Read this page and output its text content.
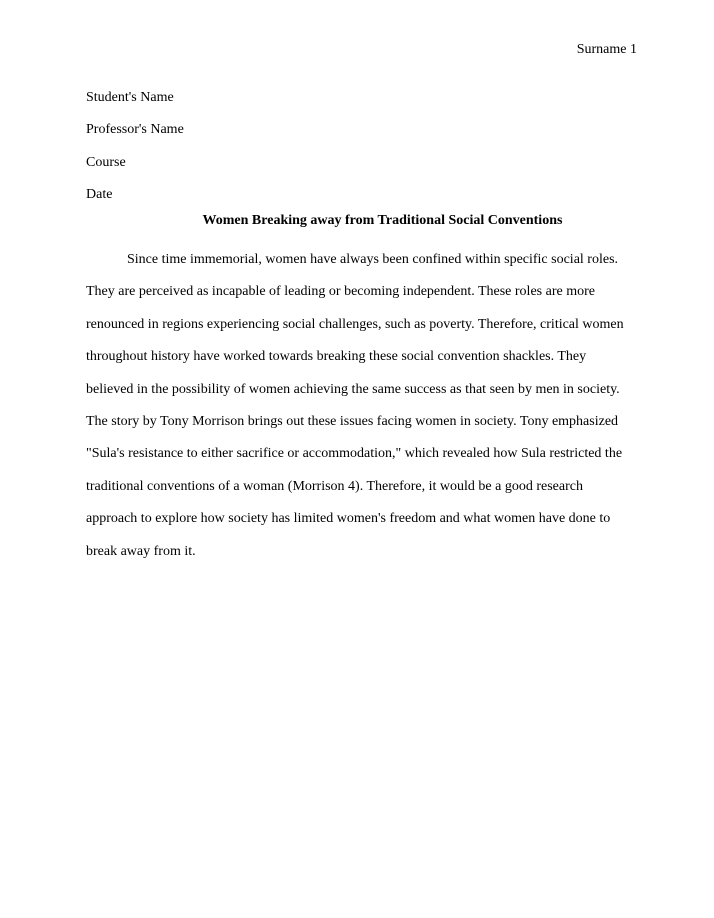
Surname 1
Student's Name
Professor's Name
Course
Date
Women Breaking away from Traditional Social Conventions
Since time immemorial, women have always been confined within specific social roles.
They are perceived as incapable of leading or becoming independent. These roles are more
renounced in regions experiencing social challenges, such as poverty. Therefore, critical women
throughout history have worked towards breaking these social convention shackles. They
believed in the possibility of women achieving the same success as that seen by men in society.
The story by Tony Morrison brings out these issues facing women in society. Tony emphasized
"Sula's resistance to either sacrifice or accommodation," which revealed how Sula restricted the
traditional conventions of a woman (Morrison 4). Therefore, it would be a good research
approach to explore how society has limited women's freedom and what women have done to
break away from it.
